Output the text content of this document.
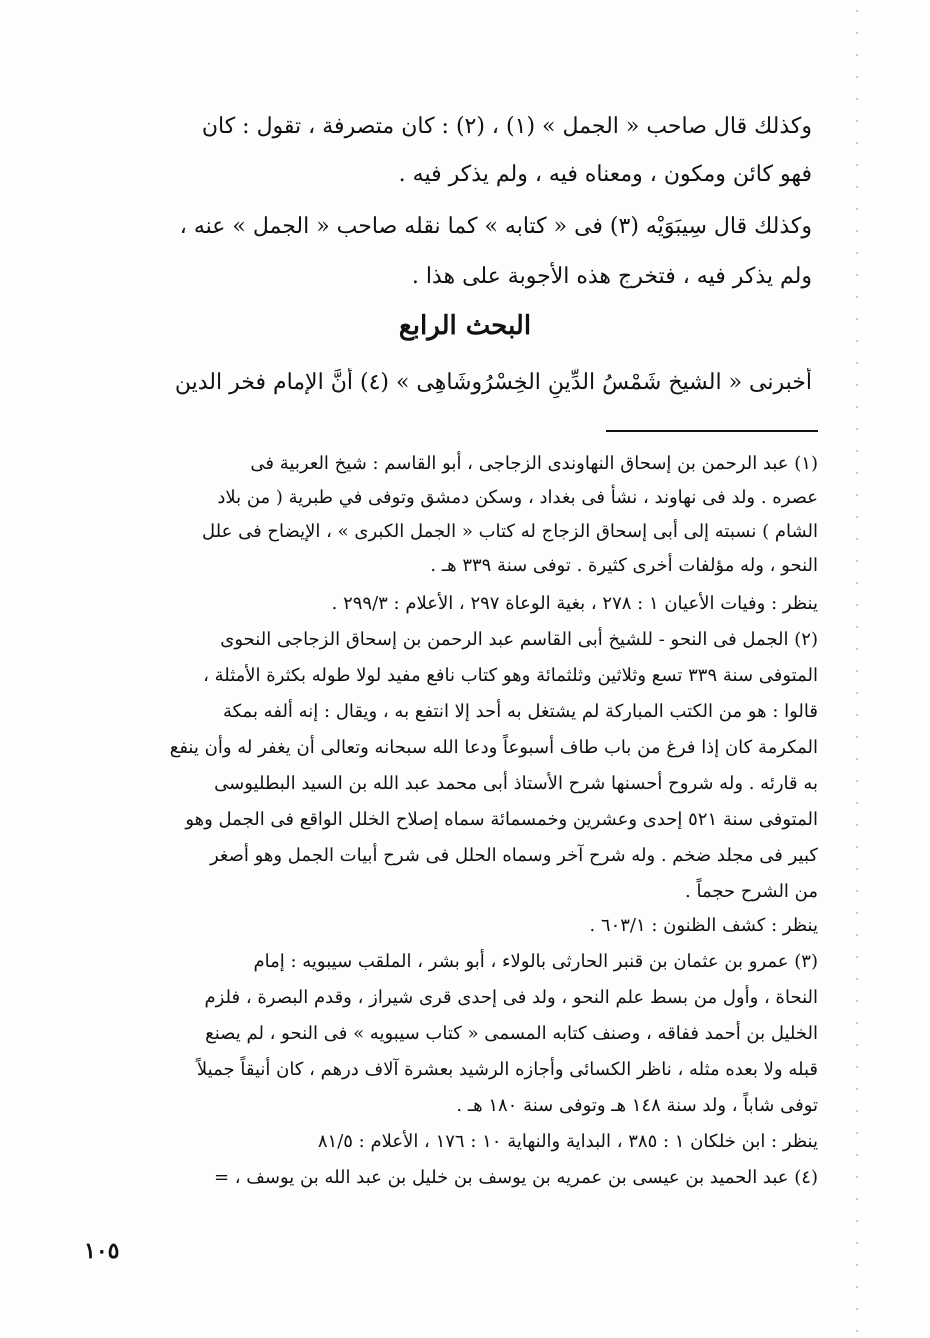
وكذلك قال صاحب « الجمل » (١) ، (٢) : كان متصرفة ، تقول : كان
فهو كائن ومكون ، ومعناه فيه ، ولم يذكر فيه .
وكذلك قال سِيبَوَيْه (٣) فى « كتابه » كما نقله صاحب « الجمل » عنه ،
ولم يذكر فيه ، فتخرج هذه الأجوبة على هذا .
البحث الرابع
أخبرنى « الشيخ شَمْسُ الدِّينِ الخِسْرُوشَاهِى » (٤) أنَّ الإمام فخر الدين
(١) عبد الرحمن بن إسحاق النهاوندى الزجاجى ، أبو القاسم : شيخ العربية فى
عصره . ولد فى نهاوند ، نشأ فى بغداد ، وسكن دمشق وتوفى في طبرية ( من بلاد
الشام ) نسبته إلى أبى إسحاق الزجاج له كتاب « الجمل الكبرى » ، الإيضاح فى علل
النحو ، وله مؤلفات أخرى كثيرة . توفى سنة ٣٣٩ هـ .
ينظر : وفيات الأعيان ١ : ٢٧٨ ، بغية الوعاة ٢٩٧ ، الأعلام : ٢٩٩/٣ .
(٢) الجمل فى النحو - للشيخ أبى القاسم عبد الرحمن بن إسحاق الزجاجى النحوى
المتوفى سنة ٣٣٩ تسع وثلاثين وثلثمائة وهو كتاب نافع مفيد لولا طوله بكثرة الأمثلة ،
قالوا : هو من الكتب المباركة لم يشتغل به أحد إلا انتفع به ، ويقال : إنه ألفه بمكة
المكرمة كان إذا فرغ من باب طاف أسبوعاً ودعا الله سبحانه وتعالى أن يغفر له وأن ينفع
به قارئه . وله شروح أحسنها شرح الأستاذ أبى محمد عبد الله بن السيد البطليوسى
المتوفى سنة ٥٢١ إحدى وعشرين وخمسمائة سماه إصلاح الخلل الواقع فى الجمل وهو
كبير فى مجلد ضخم . وله شرح آخر وسماه الحلل فى شرح أبيات الجمل وهو أصغر
من الشرح حجماً .
ينظر : كشف الظنون : ٦٠٣/١ .
(٣) عمرو بن عثمان بن قنبر الحارثى بالولاء ، أبو بشر ، الملقب سيبويه : إمام
النحاة ، وأول من بسط علم النحو ، ولد فى إحدى قرى شيراز ، وقدم البصرة ، فلزم
الخليل بن أحمد ففاقه ، وصنف كتابه المسمى « كتاب سيبويه » فى النحو ، لم يصنع
قبله ولا بعده مثله ، ناظر الكسائى وأجازه الرشيد بعشرة آلاف درهم ، كان أنيقاً جميلاً
توفى شاباً ، ولد سنة ١٤٨ هـ وتوفى سنة ١٨٠ هـ .
ينظر : ابن خلكان ١ : ٣٨٥ ، البداية والنهاية ١٠ : ١٧٦ ، الأعلام : ٨١/٥
(٤) عبد الحميد بن عيسى بن عمريه بن يوسف بن خليل بن عبد الله بن يوسف ، =
١٠٥
